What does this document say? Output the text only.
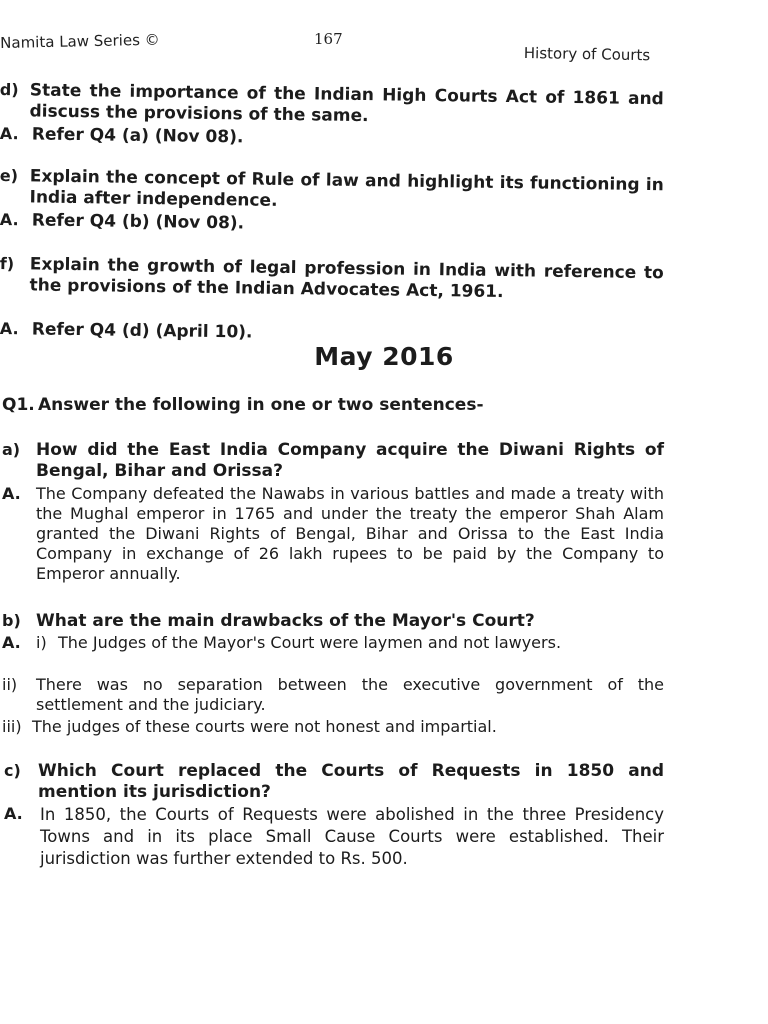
Namita Law Series ©	167
History of Courts
d) State the importance of the Indian High Courts Act of 1861 and discuss the provisions of the same.
A. Refer Q4 (a) (Nov 08).
e) Explain the concept of Rule of law and highlight its functioning in India after independence.
A. Refer Q4 (b) (Nov 08).
f) Explain the growth of legal profession in India with reference to the provisions of the Indian Advocates Act, 1961.
A. Refer Q4 (d) (April 10).
May 2016
Q1. Answer the following in one or two sentences-
a) How did the East India Company acquire the Diwani Rights of Bengal, Bihar and Orissa?
A. The Company defeated the Nawabs in various battles and made a treaty with the Mughal emperor in 1765 and under the treaty the emperor Shah Alam granted the Diwani Rights of Bengal, Bihar and Orissa to the East India Company in exchange of 26 lakh rupees to be paid by the Company to Emperor annually.
b) What are the main drawbacks of the Mayor's Court?
A. i) The Judges of the Mayor's Court were laymen and not lawyers.
ii)	There was no separation between the executive government of the settlement and the judiciary.
iii) The judges of these courts were not honest and impartial.
c)	Which Court replaced the Courts of Requests in 1850 and mention its jurisdiction?
A.	In 1850, the Courts of Requests were abolished in the three Presidency Towns and in its place Small Cause Courts were established. Their jurisdiction was further extended to Rs. 500.
